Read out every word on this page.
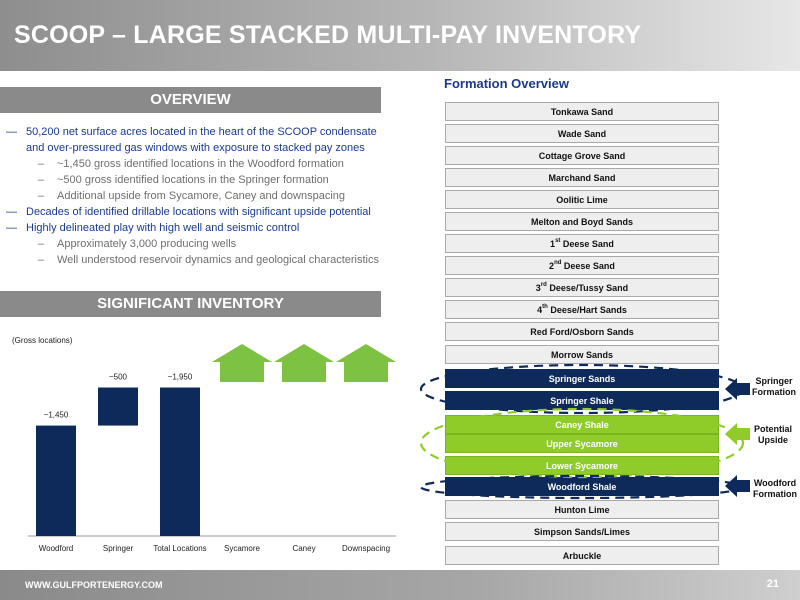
SCOOP – LARGE STACKED MULTI-PAY INVENTORY
OVERVIEW
— 50,200 net surface acres located in the heart of the SCOOP condensate and over-pressured gas windows with exposure to stacked pay zones
– ~1,450 gross identified locations in the Woodford formation
– ~500 gross identified locations in the Springer formation
– Additional upside from Sycamore, Caney and downspacing
— Decades of identified drillable locations with significant upside potential
— Highly delineated play with high well and seismic control
– Approximately 3,000 producing wells
– Well understood reservoir dynamics and geological characteristics
SIGNIFICANT INVENTORY
(Gross locations)
~1,450
~500	~1,950
Woodford	Springer	Total Locations Sycamore	Caney	Downspacing
Formation Overview
Tonkawa Sand
Wade Sand
Cottage Grove Sand
Marchand Sand
Oolitic Lime
Melton and Boyd Sands
1st Deese Sand
2nd Deese Sand
3rd Deese/Tussy Sand
4th Deese/Hart Sands
Red Ford/Osborn Sands
Morrow Sands
Springer Sands
Springer Shale
Caney Shale
Upper Sycamore
Lower Sycamore
Woodford Shale
Hunton Lime
Simpson Sands/Limes
Arbuckle
Springer
Formation
Potential
Upside
Woodford
Formation
WWW.GULFPORTENERGY.COM	21
